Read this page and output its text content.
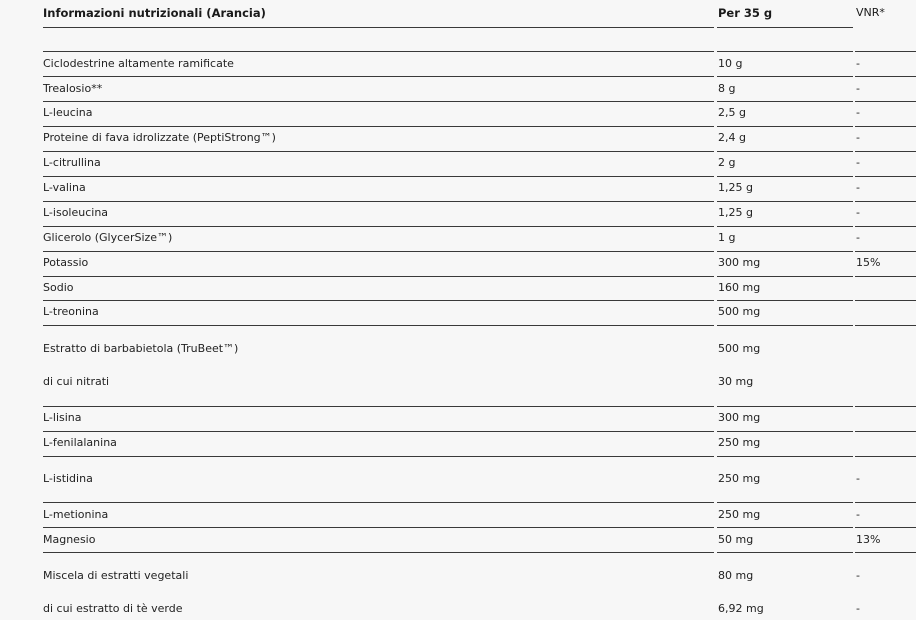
Informazioni nutrizionali (Arancia)	Per 35 g	VNR*
Ciclodestrine altamente ramificate	10 g	-
Trealosio**	8 g	-
L-leucina	2,5 g	-
Proteine di fava idrolizzate (PeptiStrong™)	2,4 g	-
L-citrullina	2 g	-
L-valina	1,25 g	-
L-isoleucina	1,25 g	-
Glicerolo (GlycerSize™)	1 g	-
Potassio	300 mg	15%
Sodio	160 mg
L-treonina	500 mg
Estratto di barbabietola (TruBeet™)	500 mg
di cui nitrati	30 mg
L-lisina	300 mg
L-fenilalanina	250 mg
L-istidina	250 mg	-
L-metionina	250 mg	-
Magnesio	50 mg	13%
Miscela di estratti vegetali	80 mg	-
di cui estratto di tè verde	6,92 mg	-
